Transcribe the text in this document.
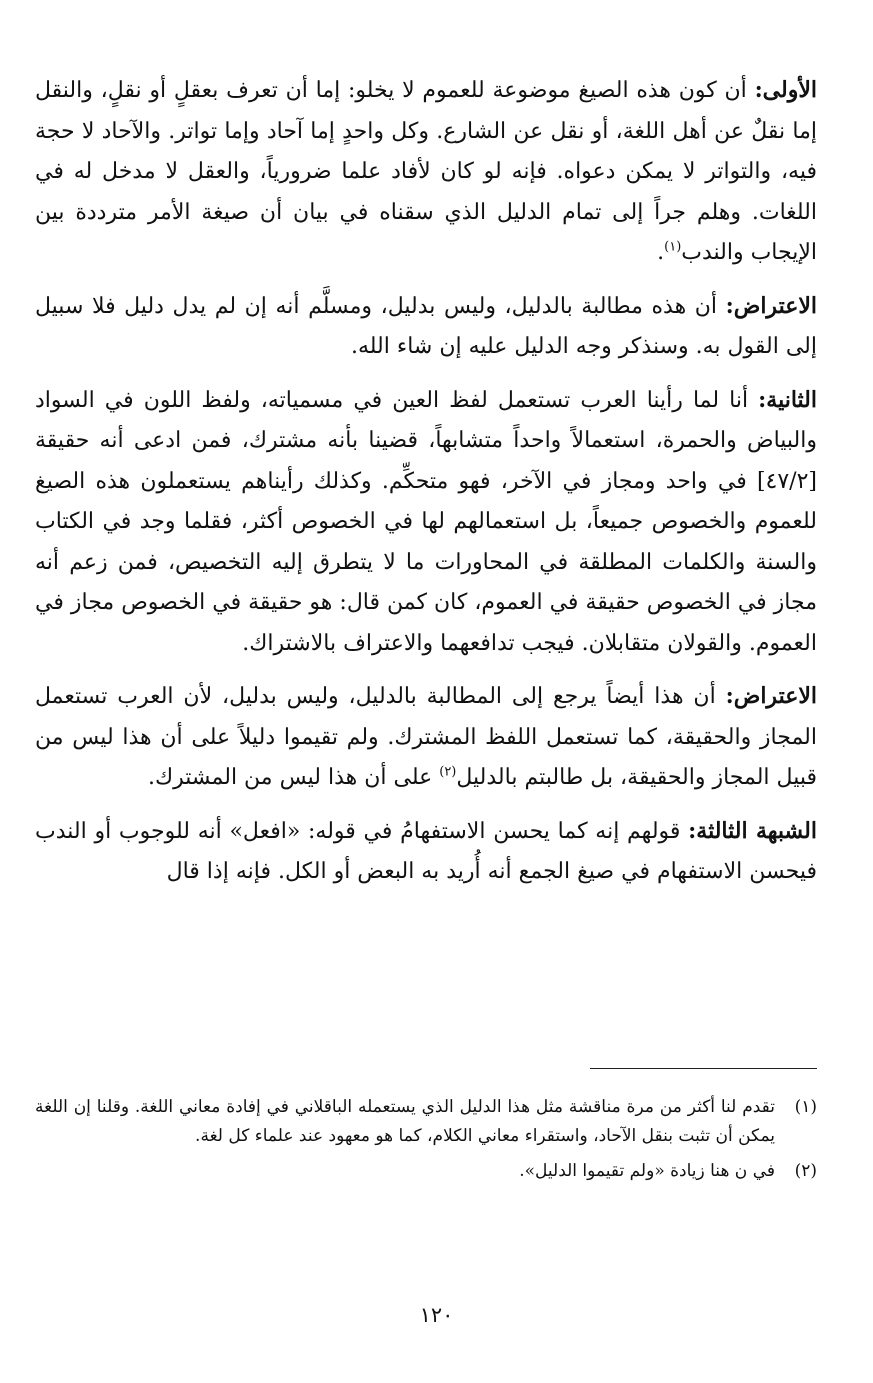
الأولى: أن كون هذه الصيغ موضوعة للعموم لا يخلو: إما أن تعرف بعقلٍ أو نقلٍ، والنقل إما نقلٌ عن أهل اللغة، أو نقل عن الشارع. وكل واحدٍ إما آحاد وإما تواتر. والآحاد لا حجة فيه، والتواتر لا يمكن دعواه. فإنه لو كان لأفاد علما ضرورياً، والعقل لا مدخل له في اللغات. وهلم جراً إلى تمام الدليل الذي سقناه في بيان أن صيغة الأمر مترددة بين الإيجاب والندب$^{(١)}$.

الاعتراض: أن هذه مطالبة بالدليل، وليس بدليل، ومسلَّم أنه إن لم يدل دليل فلا سبيل إلى القول به. وسنذكر وجه الدليل عليه إن شاء الله.

الثانية: أنا لما رأينا العرب تستعمل لفظ العين في مسمياته، ولفظ اللون في السواد والبياض والحمرة، استعمالاً واحداً متشابهاً، قضينا بأنه مشترك، فمن ادعى أنه حقيقة [٤٧/٢] في واحد ومجاز في الآخر، فهو متحكِّم. وكذلك رأيناهم يستعملون هذه الصيغ للعموم والخصوص جميعاً، بل استعمالهم لها في الخصوص أكثر، فقلما وجد في الكتاب والسنة والكلمات المطلقة في المحاورات ما لا يتطرق إليه التخصيص، فمن زعم أنه مجاز في الخصوص حقيقة في العموم، كان كمن قال: هو حقيقة في الخصوص مجاز في العموم. والقولان متقابلان. فيجب تدافعهما والاعتراف بالاشتراك.

الاعتراض: أن هذا أيضاً يرجع إلى المطالبة بالدليل، وليس بدليل، لأن العرب تستعمل المجاز والحقيقة، كما تستعمل اللفظ المشترك. ولم تقيموا دليلاً على أن هذا ليس من قبيل المجاز والحقيقة، بل طالبتم بالدليل$^{(٢)}$ على أن هذا ليس من المشترك.

الشبهة الثالثة: قولهم إنه كما يحسن الاستفهامُ في قوله: «افعل» أنه للوجوب أو الندب فيحسن الاستفهام في صيغ الجمع أنه أُريد به البعض أو الكل. فإنه إذا قال

(١)
تقدم لنا أكثر من مرة مناقشة مثل هذا الدليل الذي يستعمله الباقلاني في إفادة معاني اللغة. وقلنا إن اللغة يمكن أن تثبت بنقل الآحاد، واستقراء معاني الكلام، كما هو معهود عند علماء كل لغة.
(٢)
في ن هنا زيادة «ولم تقيموا الدليل».
١٢٠
